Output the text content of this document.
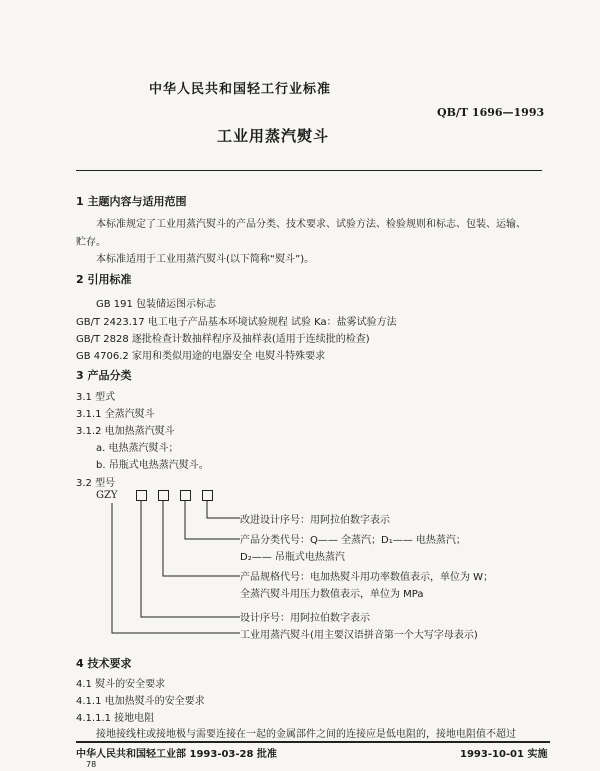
中华人民共和国轻工行业标准
QB/T 1696—1993
工业用蒸汽熨斗
1 主题内容与适用范围
本标准规定了工业用蒸汽熨斗的产品分类、技术要求、试验方法、检验规则和标志、包装、运输、
贮存。
本标准适用于工业用蒸汽熨斗(以下简称“熨斗”)。
2 引用标准
GB 191 包装储运图示标志
GB/T 2423.17 电工电子产品基本环境试验规程 试验 Ka：盐雾试验方法
GB/T 2828 逐批检查计数抽样程序及抽样表(适用于连续批的检查)
GB 4706.2 家用和类似用途的电器安全 电熨斗特殊要求
3 产品分类
3.1 型式
3.1.1 全蒸汽熨斗
3.1.2 电加热蒸汽熨斗
a. 电热蒸汽熨斗；
b. 吊瓶式电热蒸汽熨斗。
3.2 型号
GZY
改进设计序号：用阿拉伯数字表示
产品分类代号：Q—— 全蒸汽；D₁—— 电热蒸汽；
D₂—— 吊瓶式电热蒸汽
产品规格代号：电加热熨斗用功率数值表示，单位为 W；
全蒸汽熨斗用压力数值表示，单位为 MPa
设计序号：用阿拉伯数字表示
工业用蒸汽熨斗(用主要汉语拼音第一个大写字母表示)
4 技术要求
4.1 熨斗的安全要求
4.1.1 电加热熨斗的安全要求
4.1.1.1 接地电阻
接地接线柱或接地极与需要连接在一起的金属部件之间的连接应是低电阻的，接地电阻值不超过
中华人民共和国轻工业部 1993-03-28 批准	1993-10-01 实施
78
